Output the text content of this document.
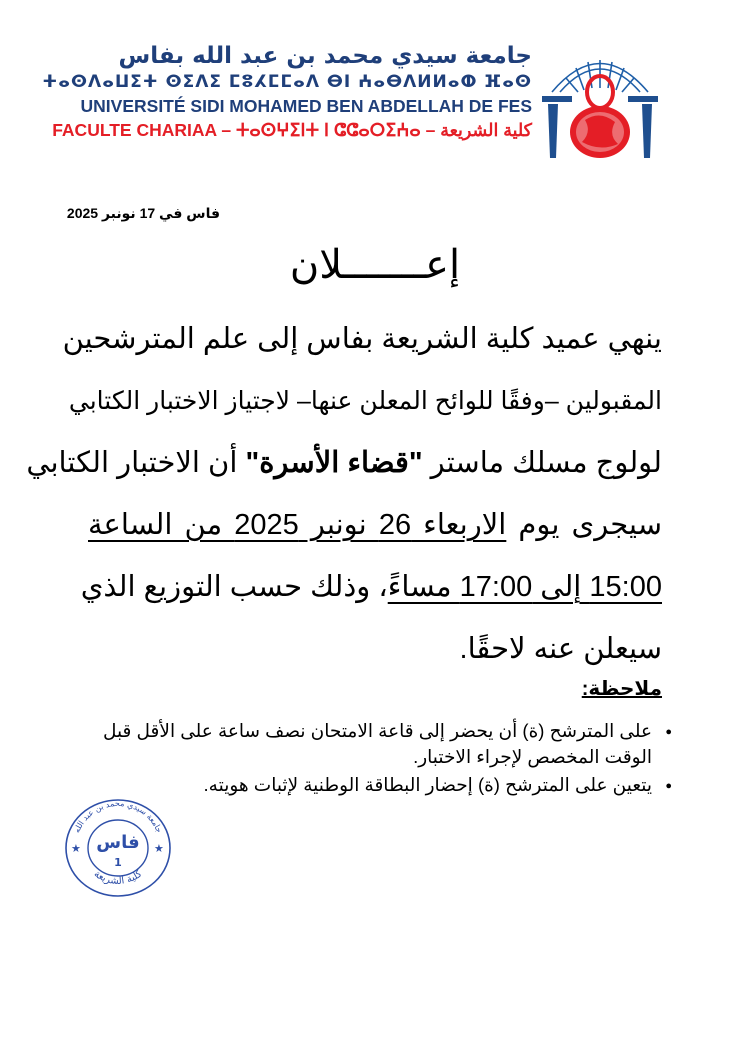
جامعة سيدي محمد بن عبد الله بفاس
ⵜⴰⵙⴷⴰⵡⵉⵜ ⵙⵉⴷⵉ ⵎⵓⵃⵎⵎⴰⴷ ⴱⵏ ⵄⴰⴱⴷⵍⵍⴰⵀ ⴼⴰⵙ
UNIVERSITÉ SIDI MOHAMED BEN ABDELLAH DE FES
FACULTE CHARIAA – ⵜⴰⵙⵖⵉⵏⵜ ⵏ ⵛⵛⴰⵔⵉⵄⴰ – كلية الشريعة
فاس في 17 نونبر 2025
إعـــــــلان
ينهي عميد كلية الشريعة بفاس إلى علم المترشحين
المقبولين –وفقًا للوائح المعلن عنها– لاجتياز الاختبار الكتابي
لولوج مسلك ماستر "قضاء الأسرة" أن الاختبار الكتابي
سيجرى يوم الاربعاء 26 نونبر 2025 من الساعة
15:00 إلى 17:00 مساءً، وذلك حسب التوزيع الذي
سيعلن عنه لاحقًا.
ملاحظة:
● على المترشح (ة) أن يحضر إلى قاعة الامتحان نصف ساعة على الأقل قبل الوقت المخصص لإجراء الاختبار.
● يتعين على المترشح (ة) إحضار البطاقة الوطنية لإثبات هويته.
جامعة سيدي محمد بن عبد الله
كلية الشريعة
فاس
1
★	★
